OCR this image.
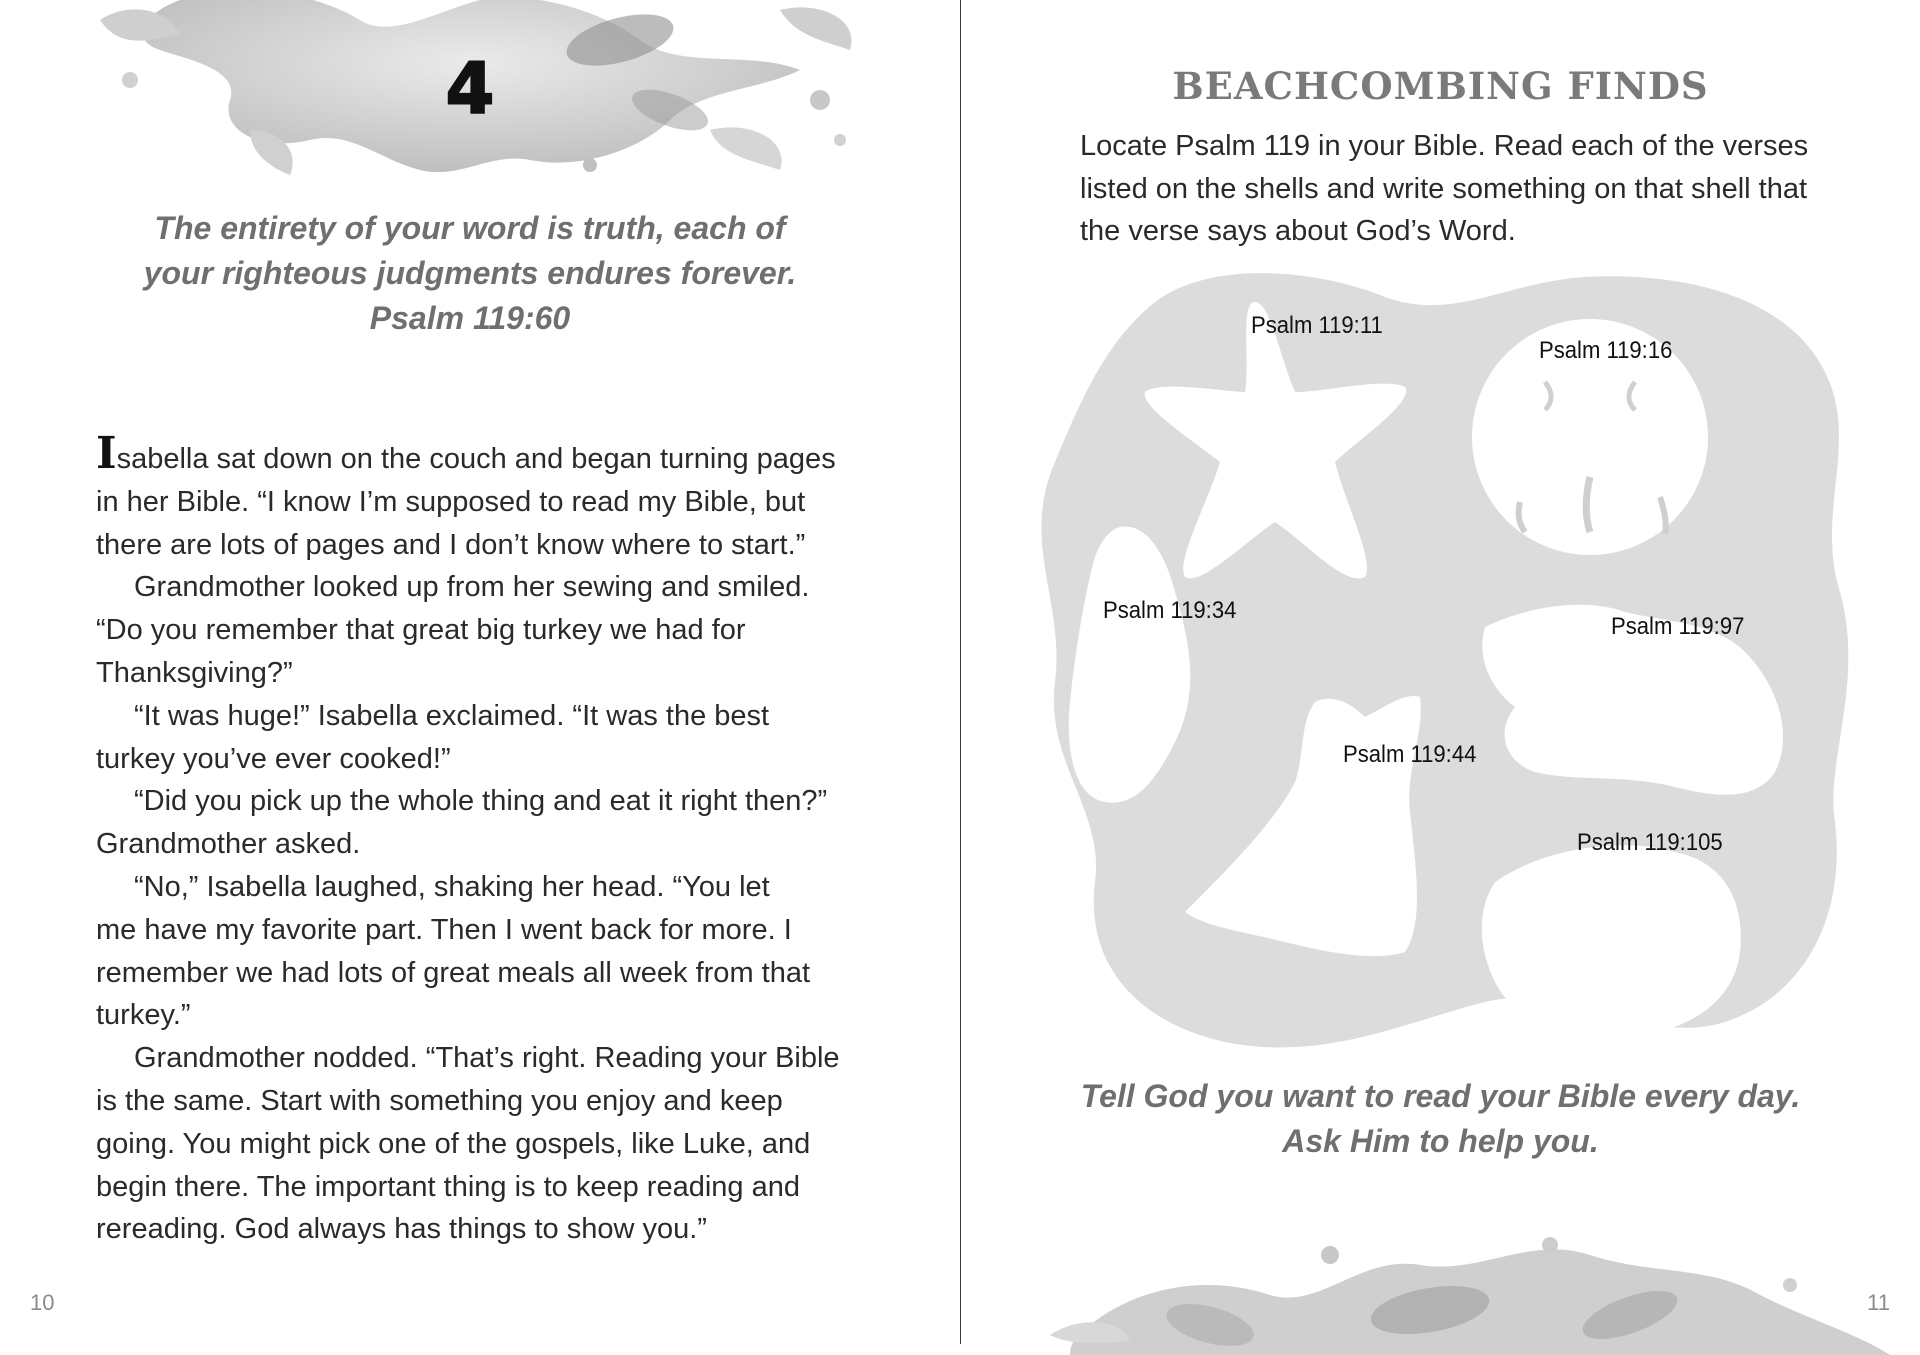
4
The entirety of your word is truth, each of
your righteous judgments endures forever.
Psalm 119:60

Isabella sat down on the couch and began turning pages

in her Bible. “I know I’m supposed to read my Bible, but

there are lots of pages and I don’t know where to start.”

Grandmother looked up from her sewing and smiled.

“Do you remember that great big turkey we had for

Thanksgiving?”

“It was huge!” Isabella exclaimed. “It was the best

turkey you’ve ever cooked!”

“Did you pick up the whole thing and eat it right then?”

Grandmother asked.

“No,” Isabella laughed, shaking her head. “You let

me have my favorite part. Then I went back for more. I

remember we had lots of great meals all week from that

turkey.”

Grandmother nodded. “That’s right. Reading your Bible

is the same. Start with something you enjoy and keep

going. You might pick one of the gospels, like Luke, and

begin there. The important thing is to keep reading and

rereading. God always has things to show you.”

10
BEACHCOMBING FINDS
Locate Psalm 119 in your Bible. Read each of the verses
listed on the shells and write something on that shell that
the verse says about God’s Word.
Psalm 119:11
Psalm 119:16
Psalm 119:34
Psalm 119:97
Psalm 119:44
Psalm 119:105
Tell God you want to read your Bible every day.
Ask Him to help you.
11
